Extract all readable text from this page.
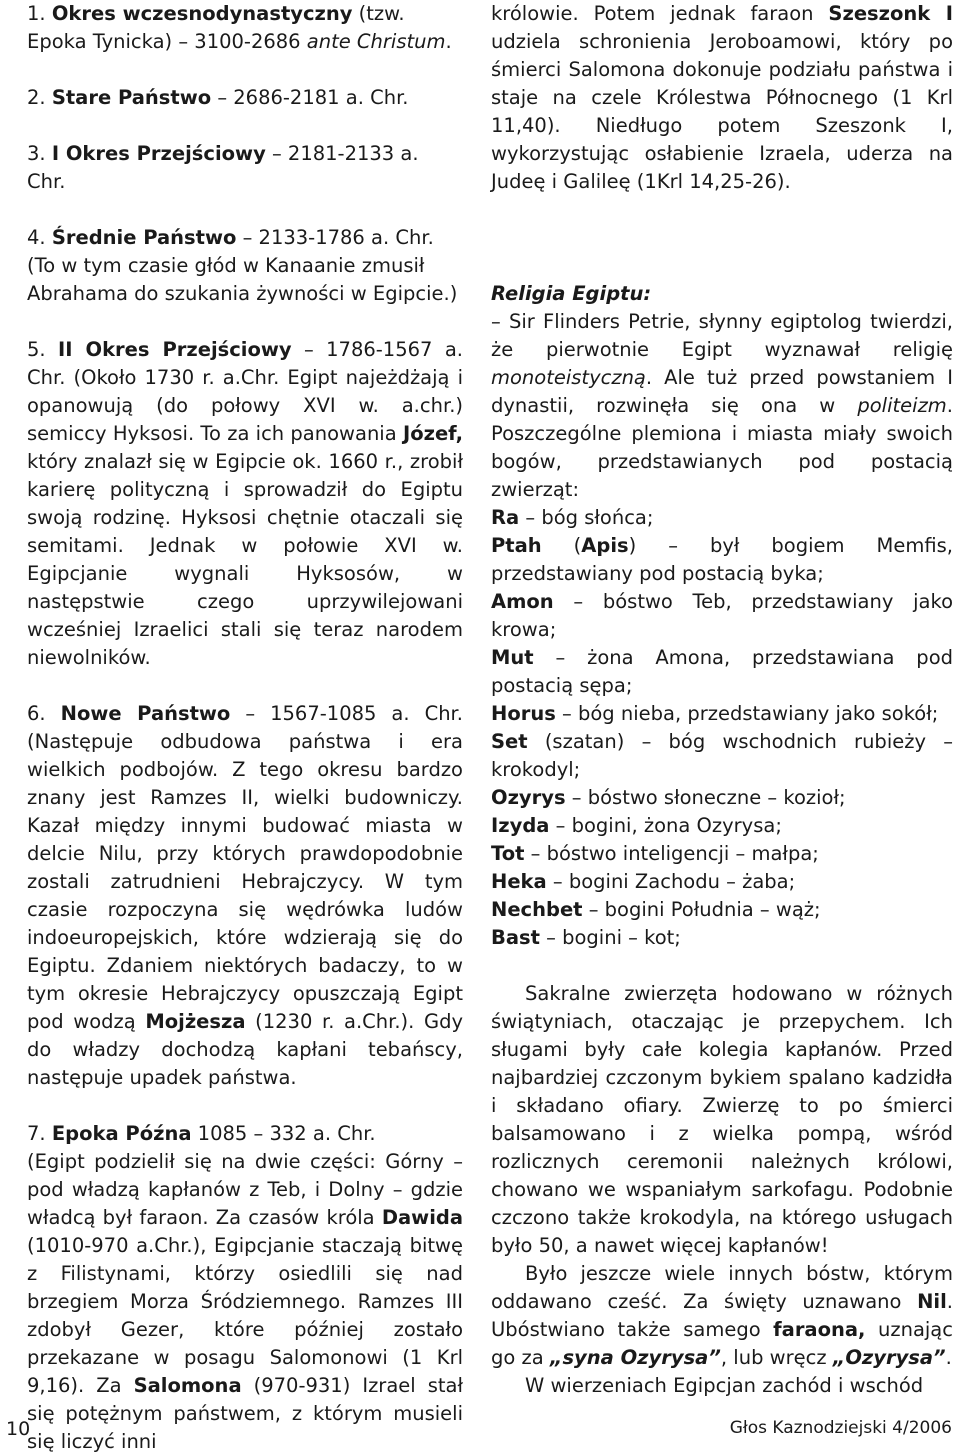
1. Okres wczesnodynastyczny (tzw. Epoka Tynicka) – 3100-2686 ante Christum.

2. Stare Państwo – 2686-2181 a. Chr.

3. I Okres Przejściowy – 2181-2133 a. Chr.

4. Średnie Państwo – 2133-1786 a. Chr.
(To w tym czasie głód w Kanaanie zmusił Abrahama do szukania żywności w Egipcie.)

5. II Okres Przejściowy – 1786-1567 a. Chr. (Około 1730 r. a.Chr. Egipt najeżdżają i opanowują (do połowy XVI w. a.chr.) semiccy Hyksosi. To za ich panowania Józef, który znalazł się w Egipcie ok. 1660 r., zrobił karierę polityczną i sprowadził do Egiptu swoją rodzinę. Hyksosi chętnie otaczali się semitami. Jednak w połowie XVI w. Egipcjanie wygnali Hyksosów, w następstwie czego uprzywilejowani wcześniej Izraelici stali się teraz narodem niewolników.

6. Nowe Państwo – 1567-1085 a. Chr. (Następuje odbudowa państwa i era wielkich podbojów. Z tego okresu bardzo znany jest Ramzes II, wielki budowniczy. Kazał między innymi budować miasta w delcie Nilu, przy których prawdopodobnie zostali zatrudnieni Hebrajczycy. W tym czasie rozpoczyna się wędrówka ludów indoeuropejskich, które wdzierają się do Egiptu. Zdaniem niektórych badaczy, to w tym okresie Hebrajczycy opuszczają Egipt pod wodzą Mojżesza (1230 r. a.Chr.). Gdy do władzy dochodzą kapłani tebańscy, następuje upadek państwa.

7. Epoka Późna 1085 – 332 a. Chr.
(Egipt podzielił się na dwie części: Górny – pod władzą kapłanów z Teb, i Dolny – gdzie władcą był faraon. Za czasów króla Dawida (1010-970 a.Chr.), Egipcjanie staczają bitwę z Filistynami, którzy osiedlili się nad brzegiem Morza Śródziemnego. Ramzes III zdobył Gezer, które później zostało przekazane w posagu Salomonowi (1 Krl 9,16). Za Salomona (970-931) Izrael stał się potężnym państwem, z którym musieli się liczyć inni

królowie. Potem jednak faraon Szeszonk I udziela schronienia Jeroboamowi, który po śmierci Salomona dokonuje podziału państwa i staje na czele Królestwa Północnego (1 Krl 11,40). Niedługo potem Szeszonk I, wykorzystując osłabienie Izraela, uderza na Judeę i Galileę (1Krl 14,25-26).

Religia Egiptu:

– Sir Flinders Petrie, słynny egiptolog twierdzi, że pierwotnie Egipt wyznawał religię monoteistyczną. Ale tuż przed powstaniem I dynastii, rozwinęła się ona w politeizm. Poszczególne plemiona i miasta miały swoich bogów, przedstawianych pod postacią zwierząt:

Ra – bóg słońca;

Ptah (Apis) – był bogiem Memfis, przedstawiany pod postacią byka;

Amon – bóstwo Teb, przedstawiany jako krowa;

Mut – żona Amona, przedstawiana pod postacią sępa;

Horus – bóg nieba, przedstawiany jako sokół;

Set (szatan) – bóg wschodnich rubieży – krokodyl;

Ozyrys – bóstwo słoneczne – kozioł;

Izyda – bogini, żona Ozyrysa;

Tot – bóstwo inteligencji – małpa;

Heka – bogini Zachodu – żaba;

Nechbet – bogini Południa – wąż;

Bast – bogini – kot;

Sakralne zwierzęta hodowano w różnych świątyniach, otaczając je przepychem. Ich sługami były całe kolegia kapłanów. Przed najbardziej czczonym bykiem spalano kadzidła i składano ofiary. Zwierzę to po śmierci balsamowano i z wielka pompą, wśród rozlicznych ceremonii należnych królowi, chowano we wspaniałym sarkofagu. Podobnie czczono także krokodyla, na którego usługach było 50, a nawet więcej kapłanów!

Było jeszcze wiele innych bóstw, którym oddawano cześć. Za święty uznawano Nil. Ubóstwiano także samego faraona, uznając go za „syna Ozyrysa”, lub wręcz „Ozyrysa”.

W wierzeniach Egipcjan zachód i wschód

10	Głos Kaznodziejski 4/2006
